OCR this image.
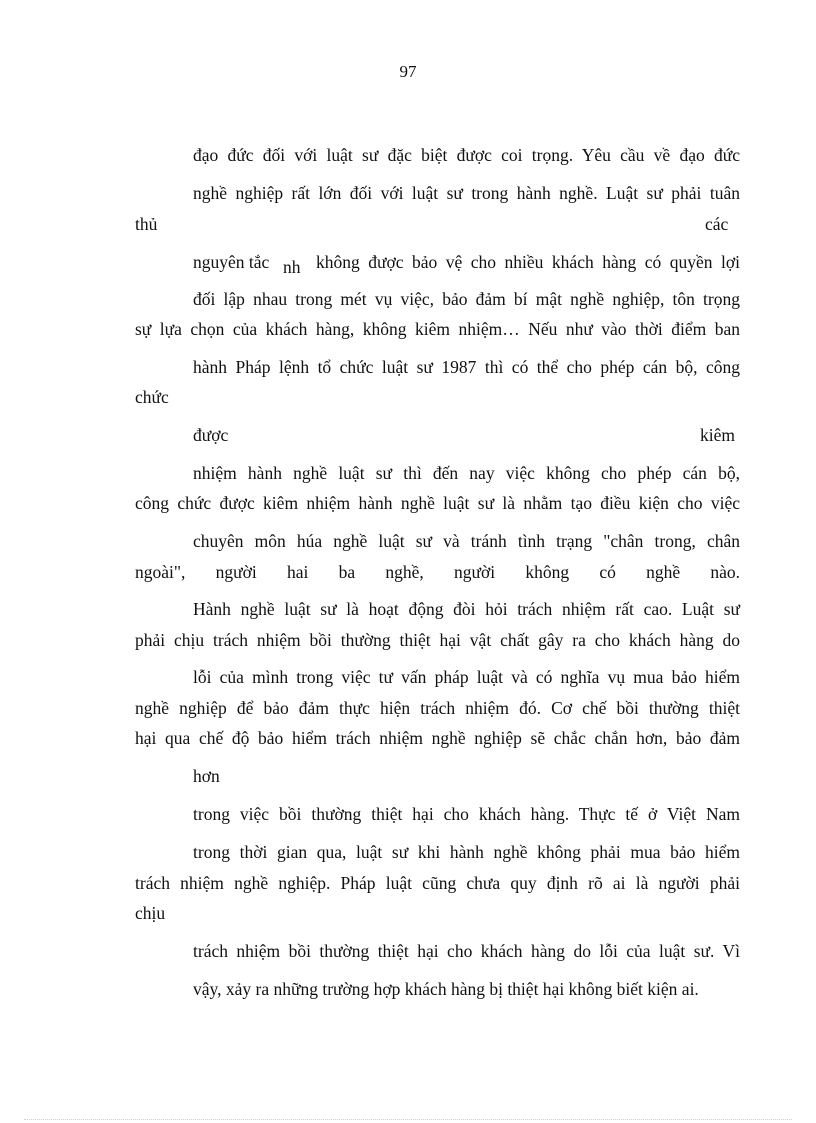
97
đạo đức đối với luật sư đặc biệt được coi trọng. Yêu cầu về đạo đức
nghề nghiệp rất lớn đối với luật sư trong hành nghề. Luật sư phải tuân
thủ	các
nguyên tắc nh không được bảo vệ cho nhiều khách hàng có quyền lợi
đối lập nhau trong mét vụ việc, bảo đảm bí mật nghề nghiệp, tôn trọng
sự lựa chọn của khách hàng, không kiêm nhiệm… Nếu như vào thời điểm ban
hành Pháp lệnh tổ chức luật sư 1987 thì có thể cho phép cán bộ, công
chức
được	kiêm
nhiệm hành nghề luật sư thì đến nay việc không cho phép cán bộ,
công chức được kiêm nhiệm hành nghề luật sư là nhằm tạo điều kiện cho việc
chuyên môn húa nghề luật sư và tránh tình trạng "chân trong, chân
ngoài", người hai ba nghề, người không có nghề nào.
Hành nghề luật sư là hoạt động đòi hỏi trách nhiệm rất cao. Luật sư
phải chịu trách nhiệm bồi thường thiệt hại vật chất gây ra cho khách hàng do
lỗi của mình trong việc tư vấn pháp luật và có nghĩa vụ mua bảo hiểm
nghề nghiệp để bảo đảm thực hiện trách nhiệm đó. Cơ chế bồi thường thiệt
hại qua chế độ bảo hiểm trách nhiệm nghề nghiệp sẽ chắc chắn hơn, bảo đảm
hơn
trong việc bồi thường thiệt hại cho khách hàng. Thực tế ở Việt Nam
trong thời gian qua, luật sư khi hành nghề không phải mua bảo hiểm
trách nhiệm nghề nghiệp. Pháp luật cũng chưa quy định rõ ai là người phải
chịu
trách nhiệm bồi thường thiệt hại cho khách hàng do lỗi của luật sư. Vì
vậy, xảy ra những trường hợp khách hàng bị thiệt hại không biết kiện ai.
